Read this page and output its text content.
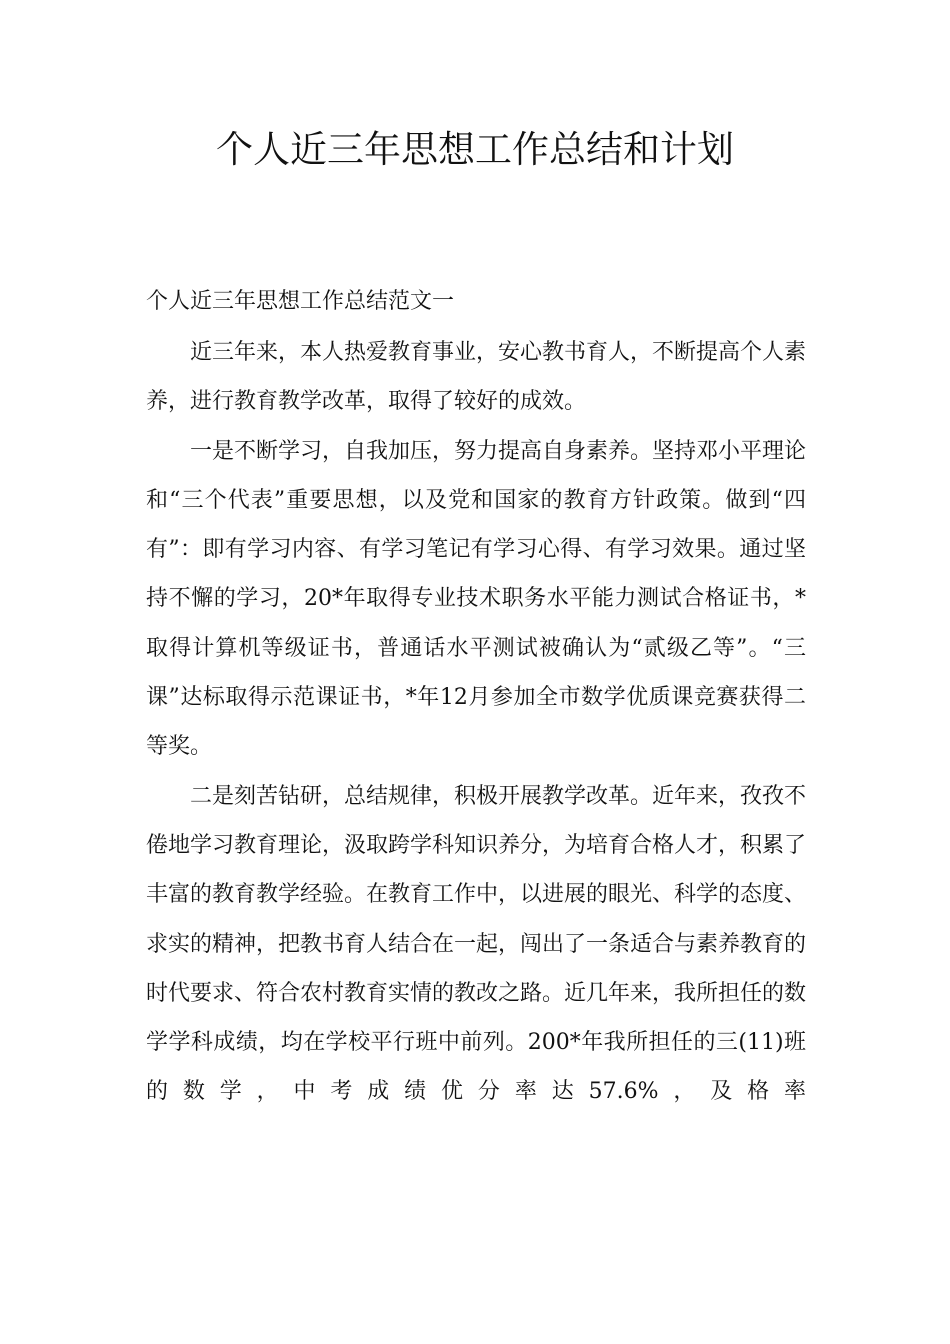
个人近三年思想工作总结和计划
个人近三年思想工作总结范文一

近三年来，本人热爱教育事业，安心教书育人，不断提高个人素养，进行教育教学改革，取得了较好的成效。

一是不断学习，自我加压，努力提高自身素养。坚持邓小平理论和“三个代表”重要思想，以及党和国家的教育方针政策。做到“四有”：即有学习内容、有学习笔记有学习心得、有学习效果。通过坚持不懈的学习，20*年取得专业技术职务水平能力测试合格证书，*取得计算机等级证书，普通话水平测试被确认为“贰级乙等”。“三课”达标取得示范课证书，*年12月参加全市数学优质课竞赛获得二等奖。

二是刻苦钻研，总结规律，积极开展教学改革。近年来，孜孜不倦地学习教育理论，汲取跨学科知识养分，为培育合格人才，积累了丰富的教育教学经验。在教育工作中，以进展的眼光、科学的态度、求实的精神，把教书育人结合在一起，闯出了一条适合与素养教育的时代要求、符合农村教育实情的教改之路。近几年来，我所担任的数学学科成绩，均在学校平行班中前列。200*年我所担任的三(11)班的数学，中考成绩优分率达57.6%，及格率
